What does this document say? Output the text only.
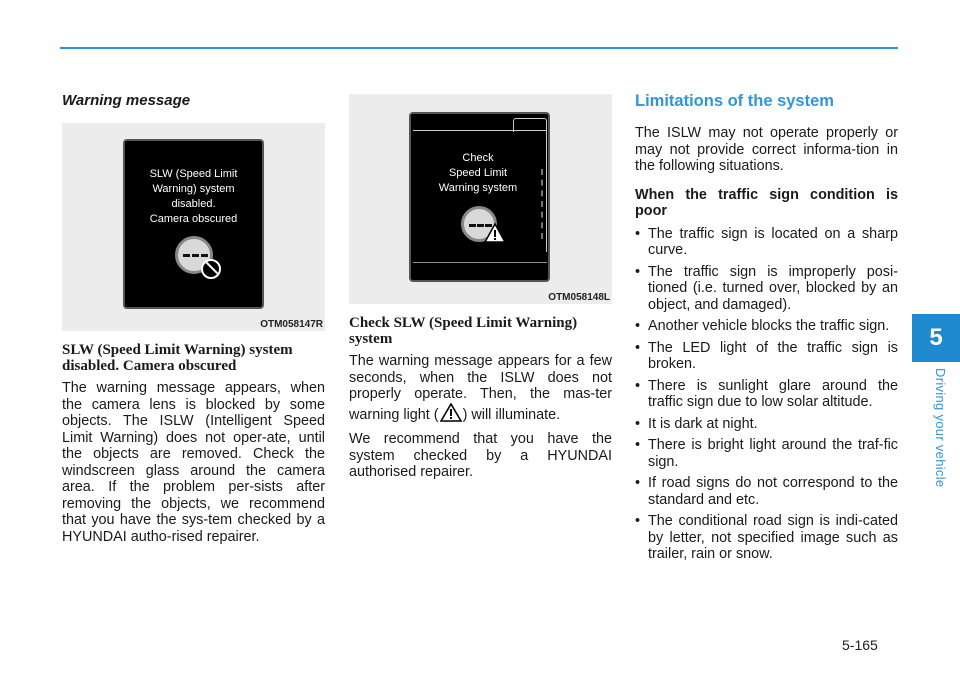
5
Driving your vehicle
Warning message
SLW (Speed Limit
Warning) system
disabled.
Camera obscured
OTM058147R
SLW (Speed Limit Warning) system disabled. Camera obscured

The warning message appears, when the camera lens is blocked by some objects. The ISLW (Intelligent Speed Limit Warning) does not oper-ate, until the objects are removed. Check the windscreen glass around the camera area. If the problem per-sists after removing the objects, we recommend that you have the sys-tem checked by a HYUNDAI autho-rised repairer.

Check
Speed Limit
Warning system
OTM058148L
Check SLW (Speed Limit Warning) system

The warning message appears for a few seconds, when the ISLW does not properly operate. Then, the mas-ter warning light ( ) will illuminate.

We recommend that you have the system checked by a HYUNDAI authorised repairer.

Limitations of the system

The ISLW may not operate properly or may not provide correct informa-tion in the following situations.

When the traffic sign condition is poor
• The traffic sign is located on a sharp curve.
• The traffic sign is improperly posi-tioned (i.e. turned over, blocked by an object, and damaged).
• Another vehicle blocks the traffic sign.
• The LED light of the traffic sign is broken.
• There is sunlight glare around the traffic sign due to low solar altitude.
• It is dark at night.
• There is bright light around the traf-fic sign.
• If road signs do not correspond to the standard and etc.
• The conditional road sign is indi-cated by letter, not specified image such as trailer, rain or snow.
5-165
